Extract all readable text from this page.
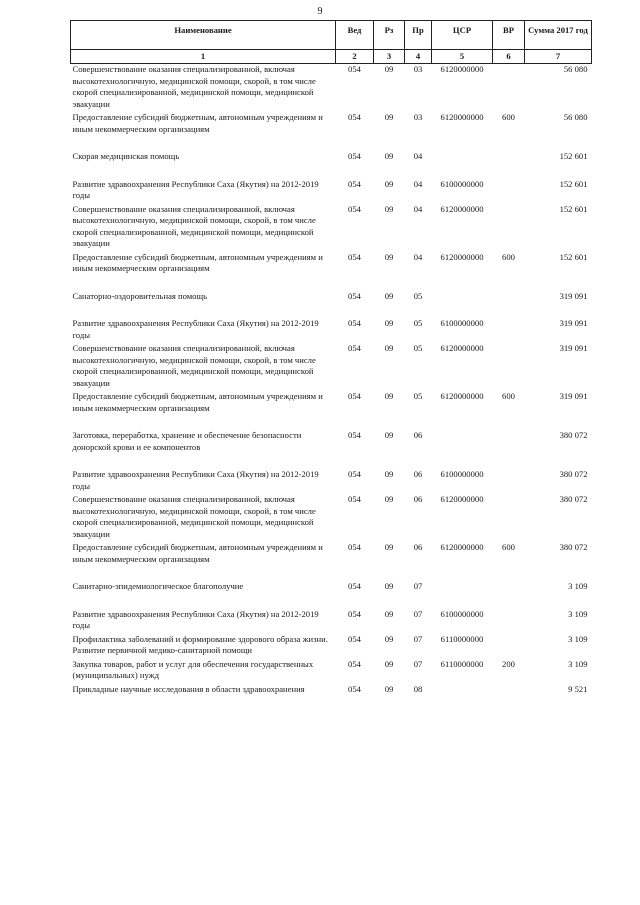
9
Наименование	Вед	Рз	Пр	ЦСР	ВР	Сумма 2017 год
1	2	3	4	5	6	7
Совершенствование оказания специализированной, включая высокотехнологичную, медицинской помощи, скорой, в том числе скорой специализированной, медицинской помощи, медицинской эвакуации	054	09	03	6120000000		56 080
Предоставление субсидий бюджетным, автономным учреждениям и иным некоммерческим организациям	054	09	03	6120000000	600	56 080
Скорая медицинская помощь	054	09	04			152 601
Развитие здравоохранения Республики Саха (Якутия) на 2012-2019 годы	054	09	04	6100000000		152 601
Совершенствование оказания специализированной, включая высокотехнологичную, медицинской помощи, скорой, в том числе скорой специализированной, медицинской помощи, медицинской эвакуации	054	09	04	6120000000		152 601
Предоставление субсидий бюджетным, автономным учреждениям и иным некоммерческим организациям	054	09	04	6120000000	600	152 601
Санаторно-оздоровительная помощь	054	09	05			319 091
Развитие здравоохранения Республики Саха (Якутия) на 2012-2019 годы	054	09	05	6100000000		319 091
Совершенствование оказания специализированной, включая высокотехнологичную, медицинской помощи, скорой, в том числе скорой специализированной, медицинской помощи, медицинской эвакуации	054	09	05	6120000000		319 091
Предоставление субсидий бюджетным, автономным учреждениям и иным некоммерческим организациям	054	09	05	6120000000	600	319 091
Заготовка, переработка, хранение и обеспечение безопасности донорской крови и ее компонентов	054	09	06			380 072
Развитие здравоохранения Республики Саха (Якутия) на 2012-2019 годы	054	09	06	6100000000		380 072
Совершенствование оказания специализированной, включая высокотехнологичную, медицинской помощи, скорой, в том числе скорой специализированной, медицинской помощи, медицинской эвакуации	054	09	06	6120000000		380 072
Предоставление субсидий бюджетным, автономным учреждениям и иным некоммерческим организациям	054	09	06	6120000000	600	380 072
Санитарно-эпидемиологическое благополучие	054	09	07			3 109
Развитие здравоохранения Республики Саха (Якутия) на 2012-2019 годы	054	09	07	6100000000		3 109
Профилактика заболеваний и формирование здорового образа жизни. Развитие первичной медико-санитарной помощи	054	09	07	6110000000		3 109
Закупка товаров, работ и услуг для обеспечения государственных (муниципальных) нужд	054	09	07	6110000000	200	3 109
Прикладные научные исследования в области здравоохранения	054	09	08			9 521
